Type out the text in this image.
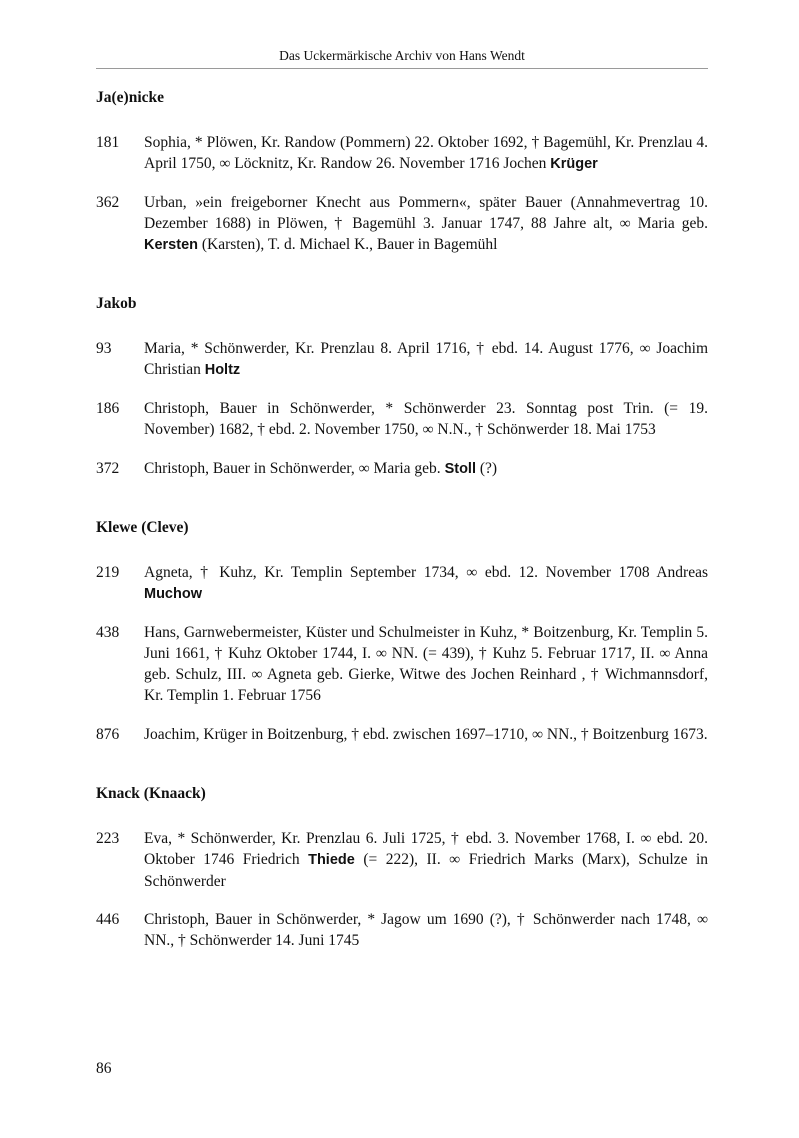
Das Uckermärkische Archiv von Hans Wendt
Ja(e)nicke
181	Sophia, * Plöwen, Kr. Randow (Pommern) 22. Oktober 1692, † Bagemühl, Kr. Prenzlau 4. April 1750, ∞ Löcknitz, Kr. Randow 26. November 1716 Jochen Krüger
362	Urban, »ein freigeborner Knecht aus Pommern«, später Bauer (Annahmevertrag 10. Dezember 1688) in Plöwen, † Bagemühl 3. Januar 1747, 88 Jahre alt, ∞ Maria geb. Kersten (Karsten), T. d. Michael K., Bauer in Bagemühl
Jakob
93	Maria, * Schönwerder, Kr. Prenzlau 8. April 1716, † ebd. 14. August 1776, ∞ Joachim Christian Holtz
186	Christoph, Bauer in Schönwerder, * Schönwerder 23. Sonntag post Trin. (= 19. November) 1682, † ebd. 2. November 1750, ∞ N.N., † Schönwerder 18. Mai 1753
372	Christoph, Bauer in Schönwerder, ∞ Maria geb. Stoll (?)
Klewe (Cleve)
219	Agneta, † Kuhz, Kr. Templin September 1734, ∞ ebd. 12. November 1708 Andreas Muchow
438	Hans, Garnwebermeister, Küster und Schulmeister in Kuhz, * Boitzenburg, Kr. Templin 5. Juni 1661, † Kuhz Oktober 1744, I. ∞ NN. (= 439), † Kuhz 5. Februar 1717, II. ∞ Anna geb. Schulz, III. ∞ Agneta geb. Gierke, Witwe des Jochen Reinhard , † Wichmannsdorf, Kr. Templin 1. Februar 1756
876	Joachim, Krüger in Boitzenburg, † ebd. zwischen 1697–1710, ∞ NN., † Boitzenburg 1673.
Knack (Knaack)
223	Eva, * Schönwerder, Kr. Prenzlau 6. Juli 1725, † ebd. 3. November 1768, I. ∞ ebd. 20. Oktober 1746 Friedrich Thiede (= 222), II. ∞ Friedrich Marks (Marx), Schulze in Schönwerder
446	Christoph, Bauer in Schönwerder, * Jagow um 1690 (?), † Schönwerder nach 1748, ∞ NN., † Schönwerder 14. Juni 1745
86
